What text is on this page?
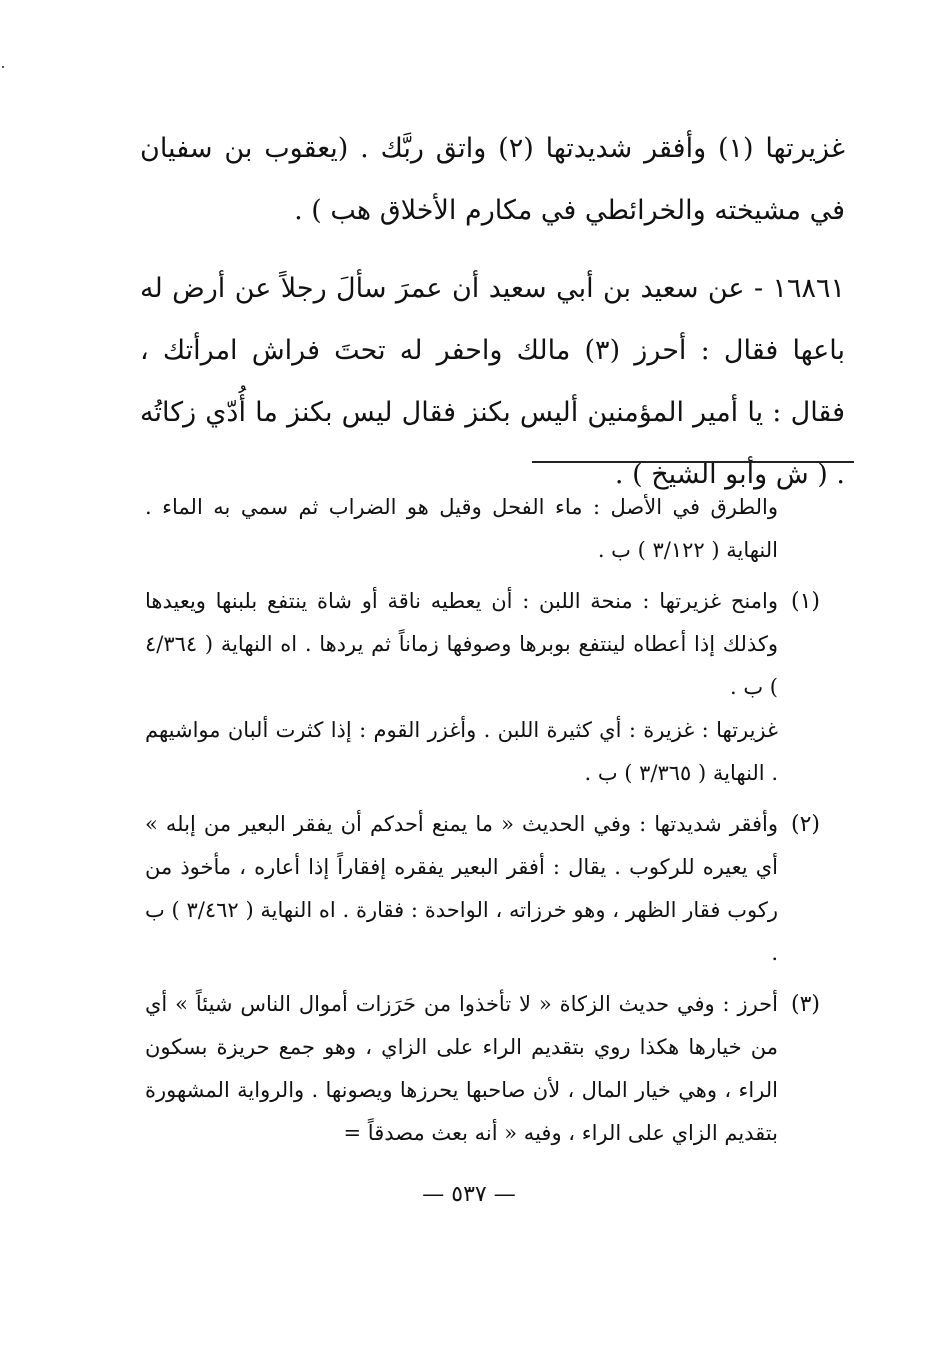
غزيرتها (١) وأفقر شديدتها (٢) واتق ربَّك . (يعقوب بن سفيان في مشيخته والخرائطي في مكارم الأخلاق هب ) .

١٦٨٦١ - عن سعيد بن أبي سعيد أن عمرَ سألَ رجلاً عن أرض له باعها فقال : أحرز (٣) مالك واحفر له تحتَ فراش امرأتك ، فقال : يا أمير المؤمنين أليس بكنز فقال ليس بكنز ما أُدّي زكاتُه . ( ش وأبو الشيخ ) .

والطرق في الأصل : ماء الفحل وقيل هو الضراب ثم سمي به الماء . النهاية ( ٣/١٢٢ ) ب .

(١)

وامنح غزيرتها : منحة اللبن : أن يعطيه ناقة أو شاة ينتفع بلبنها ويعيدها وكذلك إذا أعطاه لينتفع بوبرها وصوفها زماناً ثم يردها . اه النهاية ( ٤/٣٦٤ ) ب .

غزيرتها : غزيرة : أي كثيرة اللبن . وأغزر القوم : إذا كثرت ألبان مواشيهم . النهاية ( ٣/٣٦٥ ) ب .

(٢)

وأفقر شديدتها : وفي الحديث « ما يمنع أحدكم أن يفقر البعير من إبله » أي يعيره للركوب . يقال : أفقر البعير يفقره إفقاراً إذا أعاره ، مأخوذ من ركوب فقار الظهر ، وهو خرزاته ، الواحدة : فقارة . اه النهاية ( ٣/٤٦٢ ) ب .

(٣)

أحرز : وفي حديث الزكاة « لا تأخذوا من حَرَزات أموال الناس شيئاً » أي من خيارها هكذا روي بتقديم الراء على الزاي ، وهو جمع حريزة بسكون الراء ، وهي خيار المال ، لأن صاحبها يحرزها ويصونها . والرواية المشهورة بتقديم الزاي على الراء ، وفيه « أنه بعث مصدقاً =

— ٥٣٧ —
